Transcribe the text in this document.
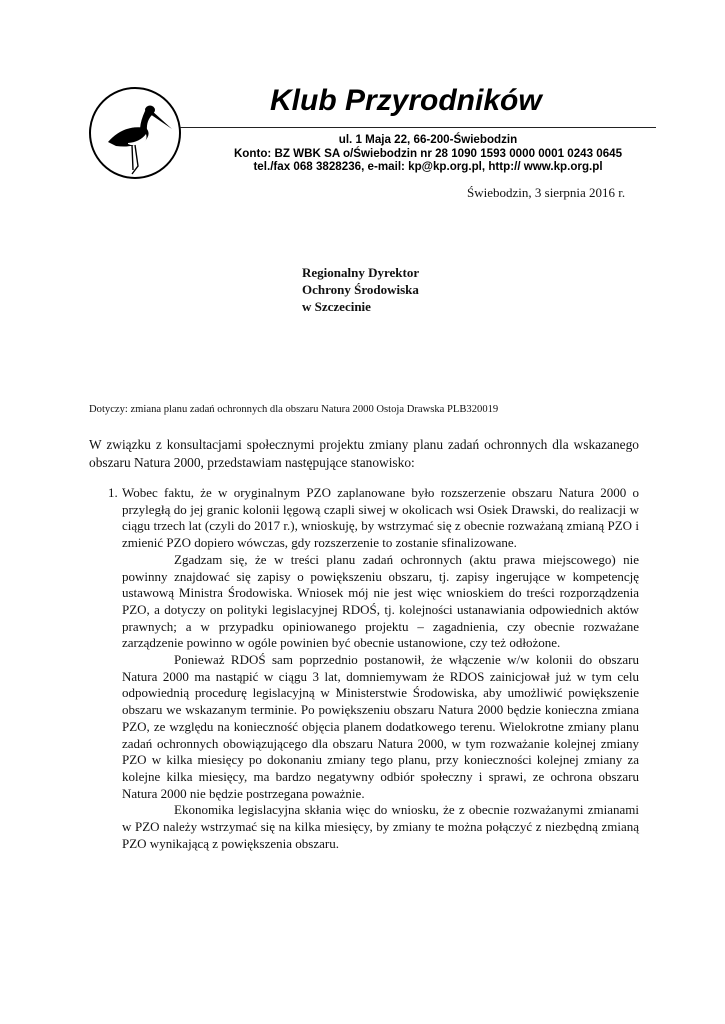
Klub Przyrodników
ul. 1 Maja 22, 66-200-Świebodzin
Konto: BZ WBK SA o/Świebodzin nr 28 1090 1593 0000 0001 0243 0645
tel./fax 068 3828236, e-mail: kp@kp.org.pl, http:// www.kp.org.pl
Świebodzin, 3 sierpnia 2016 r.
Regionalny Dyrektor
Ochrony Środowiska
w Szczecinie
Dotyczy: zmiana planu zadań ochronnych dla obszaru Natura 2000 Ostoja Drawska PLB320019
W związku z konsultacjami społecznymi projektu zmiany planu zadań ochronnych dla wskazanego obszaru Natura 2000, przedstawiam następujące stanowisko:
1. Wobec faktu, że w oryginalnym PZO zaplanowane było rozszerzenie obszaru Natura 2000 o przyległą do jej granic kolonii lęgową czapli siwej w okolicach wsi Osiek Drawski, do realizacji w ciągu trzech lat (czyli do 2017 r.), wnioskuję, by wstrzymać się z obecnie rozważaną zmianą PZO i zmienić PZO dopiero wówczas, gdy rozszerzenie to zostanie sfinalizowane.

Zgadzam się, że w treści planu zadań ochronnych (aktu prawa miejscowego) nie powinny znajdować się zapisy o powiększeniu obszaru, tj. zapisy ingerujące w kompetencję ustawową Ministra Środowiska. Wniosek mój nie jest więc wnioskiem do treści rozporządzenia PZO, a dotyczy on polityki legislacyjnej RDOŚ, tj. kolejności ustanawiania odpowiednich aktów prawnych; a w przypadku opiniowanego projektu – zagadnienia, czy obecnie rozważane zarządzenie powinno w ogóle powinien być obecnie ustanowione, czy też odłożone.

Ponieważ RDOŚ sam poprzednio postanowił, że włączenie w/w kolonii do obszaru Natura 2000 ma nastąpić w ciągu 3 lat, domniemywam że RDOS zainicjował już w tym celu odpowiednią procedurę legislacyjną w Ministerstwie Środowiska, aby umożliwić powiększenie obszaru we wskazanym terminie. Po powiększeniu obszaru Natura 2000 będzie konieczna zmiana PZO, ze względu na konieczność objęcia planem dodatkowego terenu. Wielokrotne zmiany planu zadań ochronnych obowiązującego dla obszaru Natura 2000, w tym rozważanie kolejnej zmiany PZO w kilka miesięcy po dokonaniu zmiany tego planu, przy konieczności kolejnej zmiany za kolejne kilka miesięcy, ma bardzo negatywny odbiór społeczny i sprawi, ze ochrona obszaru Natura 2000 nie będzie postrzegana poważnie.

Ekonomika legislacyjna skłania więc do wniosku, że z obecnie rozważanymi zmianami w PZO należy wstrzymać się na kilka miesięcy, by zmiany te można połączyć z niezbędną zmianą PZO wynikającą z powiększenia obszaru.
